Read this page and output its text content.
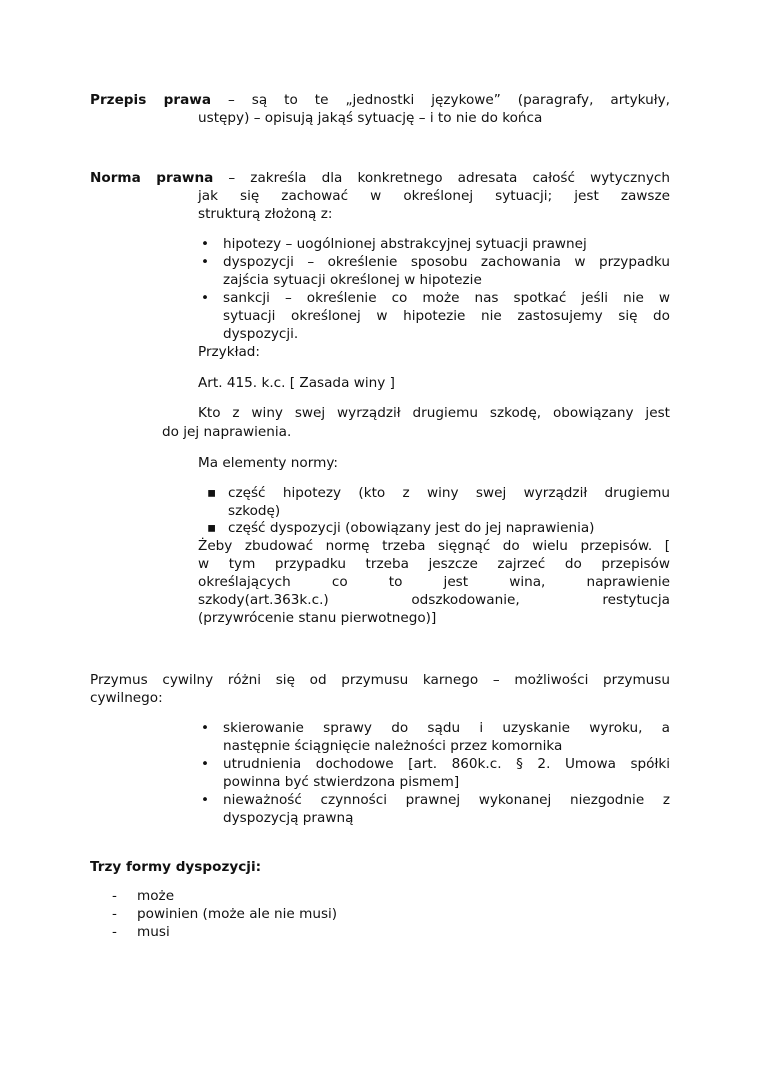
Przepis prawa – są to te „jednostki językowe” (paragrafy, artykuły,
ustępy) – opisują jakąś sytuację – i to nie do końca
Norma prawna – zakreśla dla konkretnego adresata całość wytycznych
jak się zachować w określonej sytuacji; jest zawsze
strukturą złożoną z:
• hipotezy – uogólnionej abstrakcyjnej sytuacji prawnej
• dyspozycji – określenie sposobu zachowania w przypadku
zajścia sytuacji określonej w hipotezie
• sankcji – określenie co może nas spotkać jeśli nie w
sytuacji określonej w hipotezie nie zastosujemy się do
dyspozycji.
Przykład:
Art. 415. k.c. [ Zasada winy ]
Kto z winy swej wyrządził drugiemu szkodę, obowiązany jest
do jej naprawienia.
Ma elementy normy:
▪ część hipotezy (kto z winy swej wyrządził drugiemu
szkodę)
▪ część dyspozycji (obowiązany jest do jej naprawienia)
Żeby zbudować normę trzeba sięgnąć do wielu przepisów. [
w tym przypadku trzeba jeszcze zajrzeć do przepisów
określających co to jest wina, naprawienie
szkody(art.363k.c.) odszkodowanie, restytucja
(przywrócenie stanu pierwotnego)]
Przymus cywilny różni się od przymusu karnego – możliwości przymusu
cywilnego:
• skierowanie sprawy do sądu i uzyskanie wyroku, a
następnie ściągnięcie należności przez komornika
• utrudnienia dochodowe [art. 860k.c. § 2. Umowa spółki
powinna być stwierdzona pismem]
• nieważność czynności prawnej wykonanej niezgodnie z
dyspozycją prawną
Trzy formy dyspozycji:
- może
- powinien (może ale nie musi)
- musi
